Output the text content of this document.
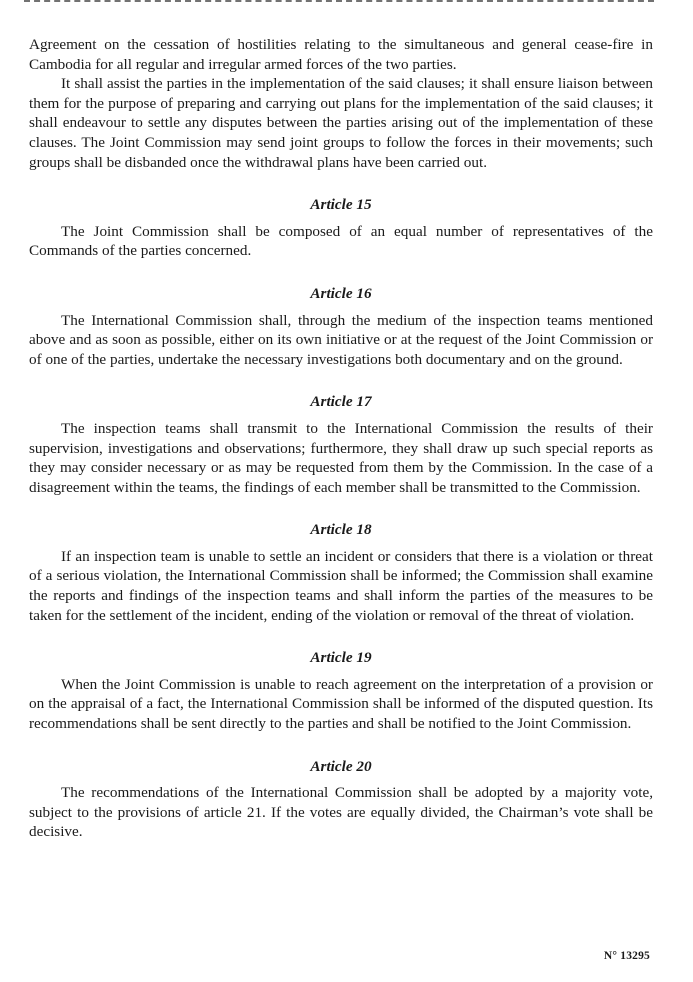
Agreement on the cessation of hostilities relating to the simultaneous and general cease-fire in Cambodia for all regular and irregular armed forces of the two parties.

It shall assist the parties in the implementation of the said clauses; it shall ensure liaison between them for the purpose of preparing and carrying out plans for the implementation of the said clauses; it shall endeavour to settle any disputes between the parties arising out of the implementation of these clauses. The Joint Commission may send joint groups to follow the forces in their movements; such groups shall be disbanded once the withdrawal plans have been carried out.

Article 15

The Joint Commission shall be composed of an equal number of representatives of the Commands of the parties concerned.

Article 16

The International Commission shall, through the medium of the inspection teams mentioned above and as soon as possible, either on its own initiative or at the request of the Joint Commission or of one of the parties, undertake the necessary investigations both documentary and on the ground.

Article 17

The inspection teams shall transmit to the International Commission the results of their supervision, investigations and observations; furthermore, they shall draw up such special reports as they may consider necessary or as may be requested from them by the Commission. In the case of a disagreement within the teams, the findings of each member shall be transmitted to the Commission.

Article 18

If an inspection team is unable to settle an incident or considers that there is a violation or threat of a serious violation, the International Commission shall be informed; the Commission shall examine the reports and findings of the inspection teams and shall inform the parties of the measures to be taken for the settlement of the incident, ending of the violation or removal of the threat of violation.

Article 19

When the Joint Commission is unable to reach agreement on the interpretation of a provision or on the appraisal of a fact, the International Commission shall be informed of the disputed question. Its recommendations shall be sent directly to the parties and shall be notified to the Joint Commission.

Article 20

The recommendations of the International Commission shall be adopted by a majority vote, subject to the provisions of article 21. If the votes are equally divided, the Chairman’s vote shall be decisive.

N° 13295
